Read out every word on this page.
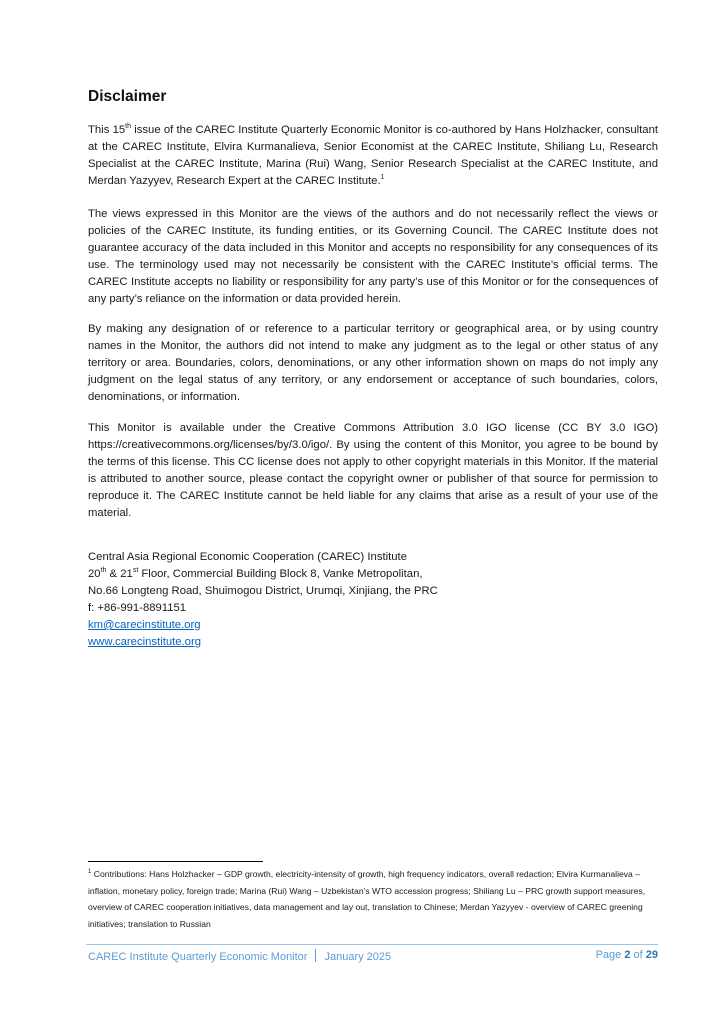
Disclaimer

This 15th issue of the CAREC Institute Quarterly Economic Monitor is co-authored by Hans Holzhacker, consultant at the CAREC Institute, Elvira Kurmanalieva, Senior Economist at the CAREC Institute, Shiliang Lu, Research Specialist at the CAREC Institute, Marina (Rui) Wang, Senior Research Specialist at the CAREC Institute, and Merdan Yazyyev, Research Expert at the CAREC Institute.$^1$

The views expressed in this Monitor are the views of the authors and do not necessarily reflect the views or policies of the CAREC Institute, its funding entities, or its Governing Council. The CAREC Institute does not guarantee accuracy of the data included in this Monitor and accepts no responsibility for any consequences of its use. The terminology used may not necessarily be consistent with the CAREC Institute’s official terms. The CAREC Institute accepts no liability or responsibility for any party’s use of this Monitor or for the consequences of any party’s reliance on the information or data provided herein.

By making any designation of or reference to a particular territory or geographical area, or by using country names in the Monitor, the authors did not intend to make any judgment as to the legal or other status of any territory or area. Boundaries, colors, denominations, or any other information shown on maps do not imply any judgment on the legal status of any territory, or any endorsement or acceptance of such boundaries, colors, denominations, or information.

This Monitor is available under the Creative Commons Attribution 3.0 IGO license (CC BY 3.0 IGO) https://creativecommons.org/licenses/by/3.0/igo/. By using the content of this Monitor, you agree to be bound by the terms of this license. This CC license does not apply to other copyright materials in this Monitor. If the material is attributed to another source, please contact the copyright owner or publisher of that source for permission to reproduce it. The CAREC Institute cannot be held liable for any claims that arise as a result of your use of the material.

Central Asia Regional Economic Cooperation (CAREC) Institute
20th & 21st Floor, Commercial Building Block 8, Vanke Metropolitan,
No.66 Longteng Road, Shuimogou District, Urumqi, Xinjiang, the PRC
f: +86-991-8891151
km@carecinstitute.org
www.carecinstitute.org
$^1$ Contributions: Hans Holzhacker – GDP growth, electricity-intensity of growth, high frequency indicators, overall redaction; Elvira Kurmanalieva – inflation, monetary policy, foreign trade; Marina (Rui) Wang – Uzbekistan’s WTO accession progress; Shiliang Lu – PRC growth support measures, overview of CAREC cooperation initiatives, data management and lay out, translation to Chinese; Merdan Yazyyev - overview of CAREC greening initiatives; translation to Russian
CAREC Institute Quarterly Economic Monitor January 2025	Page 2 of 29
